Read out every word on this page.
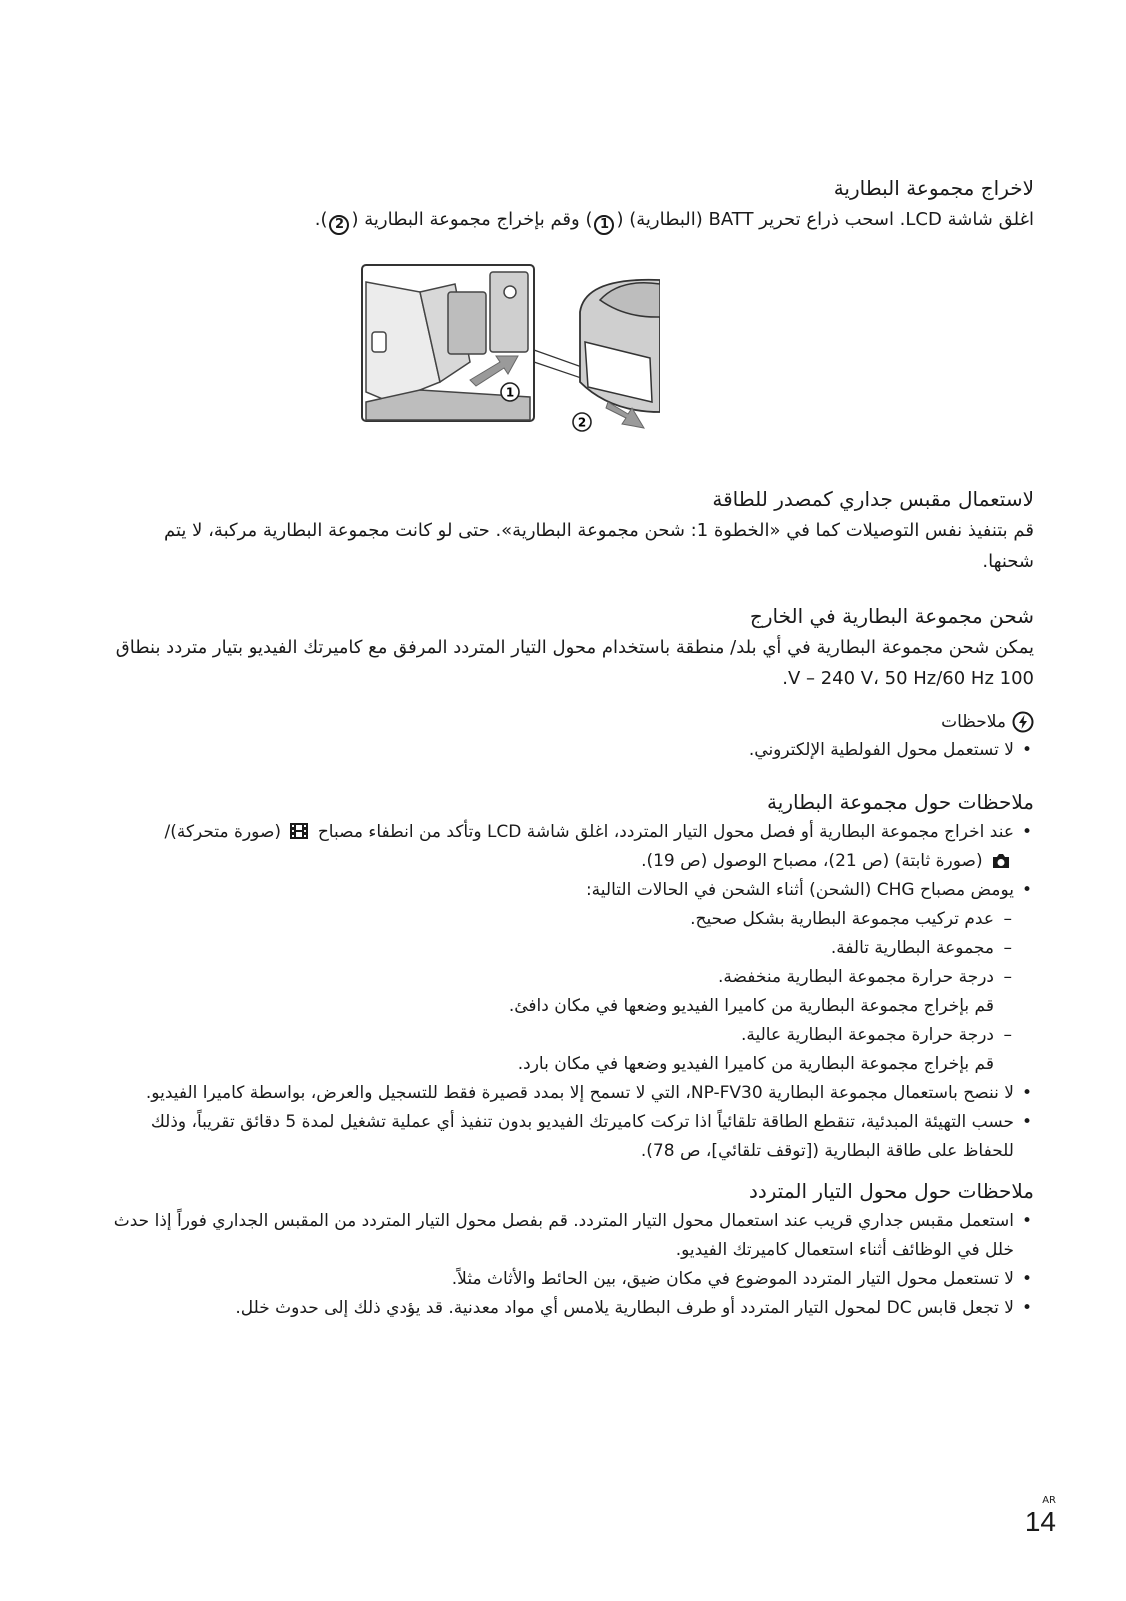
لاخراج مجموعة البطارية

اغلق شاشة LCD. اسحب ذراع تحرير BATT (البطارية) (1) وقم بإخراج مجموعة البطارية (2).

1
2
لاستعمال مقبس جداري كمصدر للطاقة

قم بتنفيذ نفس التوصيلات كما في «الخطوة 1: شحن مجموعة البطارية». حتى لو كانت مجموعة البطارية مركبة، لا يتم شحنها.

شحن مجموعة البطارية في الخارج

يمكن شحن مجموعة البطارية في أي بلد/ منطقة باستخدام محول التيار المتردد المرفق مع كاميرتك الفيديو بتيار متردد بنطاق 100 V – 240 V، 50 Hz/60 Hz.

ملاحظات
• لا تستعمل محول الفولطية الإلكتروني.
ملاحظات حول مجموعة البطارية
• عند اخراج مجموعة البطارية أو فصل محول التيار المتردد، اغلق شاشة LCD وتأكد من انطفاء مصباح  (صورة متحركة)/
(صورة ثابتة) (ص 21)، مصباح الوصول (ص 19).
• يومض مصباح CHG (الشحن) أثناء الشحن في الحالات التالية:
–
عدم تركيب مجموعة البطارية بشكل صحيح.
–
مجموعة البطارية تالفة.
–
درجة حرارة مجموعة البطارية منخفضة.
قم بإخراج مجموعة البطارية من كاميرا الفيديو وضعها في مكان دافئ.
–
درجة حرارة مجموعة البطارية عالية.
قم بإخراج مجموعة البطارية من كاميرا الفيديو وضعها في مكان بارد.
• لا ننصح باستعمال مجموعة البطارية NP-FV30، التي لا تسمح إلا بمدد قصيرة فقط للتسجيل والعرض، بواسطة كاميرا الفيديو.
• حسب التهيئة المبدئية، تنقطع الطاقة تلقائياً اذا تركت كاميرتك الفيديو بدون تنفيذ أي عملية تشغيل لمدة 5 دقائق تقريباً، وذلك للحفاظ على طاقة البطارية ([توقف تلقائي]، ص 78).
ملاحظات حول محول التيار المتردد
• استعمل مقبس جداري قريب عند استعمال محول التيار المتردد. قم بفصل محول التيار المتردد من المقبس الجداري فوراً إذا حدث خلل في الوظائف أثناء استعمال كاميرتك الفيديو.
• لا تستعمل محول التيار المتردد الموضوع في مكان ضيق، بين الحائط والأثاث مثلاً.
• لا تجعل قابس DC لمحول التيار المتردد أو طرف البطارية يلامس أي مواد معدنية. قد يؤدي ذلك إلى حدوث خلل.
AR
14
